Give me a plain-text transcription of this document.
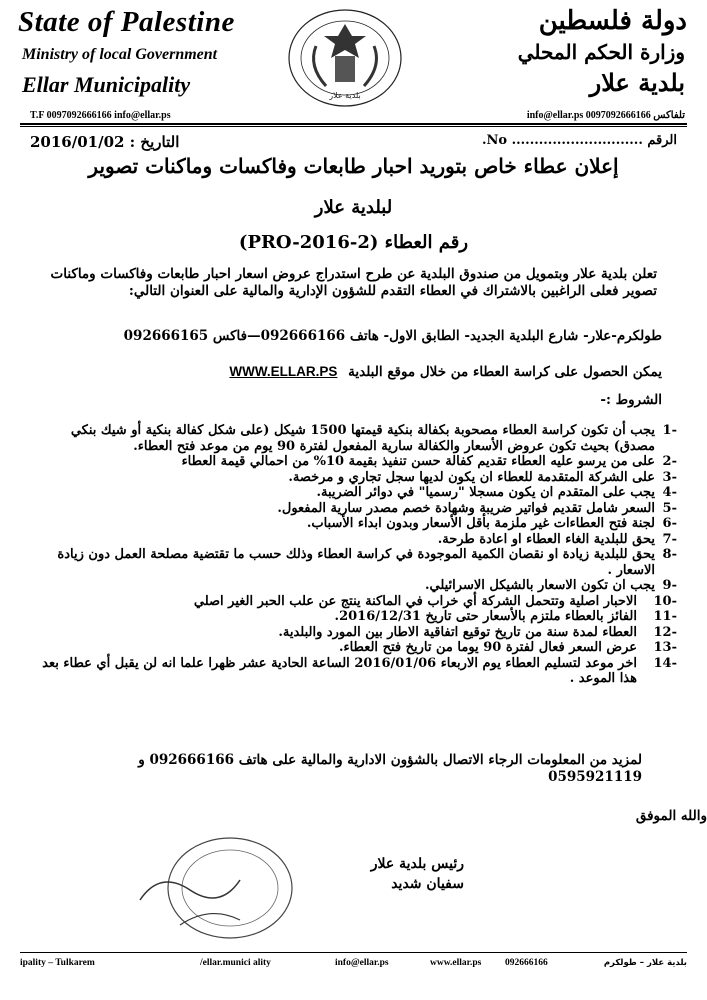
State of Palestine
Ministry of local Government
Ellar Municipality	بلدية علار
دولة فلسطين
وزارة الحكم المحلي
بلدية علار
T.F 0097092666166 info@ellar.ps	info@ellar.ps 0097092666166 تلفاكس
التاريخ : 2016/01/02	الرقم ............................. No.
إعلان عطاء خاص بتوريد احبار طابعات وفاكسات وماكنات تصوير
لبلدية علار
رقم العطاء (2-PRO-2016)
تعلن بلدية علار وبتمويل من صندوق البلدية عن طرح استدراج عروض اسعار احبار طابعات وفاكسات وماكنات تصوير فعلى الراغبين بالاشتراك في العطاء التقدم للشؤون الإدارية والمالية على العنوان التالي:
طولكرم-علار- شارع البلدية الجديد- الطابق الاول- هاتف 092666166—فاكس 092666165
يمكن الحصول على كراسة العطاء من خلال موقع البلدية WWW.ELLAR.PS
الشروط :-
-1
يجب أن تكون كراسة العطاء مصحوبة بكفالة بنكية قيمتها 1500 شيكل (على شكل كفالة بنكية أو شيك بنكي مصدق) بحيث تكون عروض الأسعار والكفالة سارية المفعول لفترة 90 يوم من موعد فتح العطاء.
-2
على من يرسو عليه العطاء تقديم كفالة حسن تنفيذ بقيمة 10% من احمالي قيمة العطاء
-3
على الشركة المتقدمة للعطاء ان يكون لديها سجل تجاري و مرخصة.
-4
يجب على المتقدم ان يكون مسجلا "رسميا" في دوائر الضريبة.
-5
السعر شامل تقديم فواتير ضريبة وشهادة خصم مصدر سارية المفعول.
-6
لجنة فتح العطاءات غير ملزمة بأقل الأسعار وبدون ابداء الأسباب.
-7
يحق للبلدية الغاء العطاء او اعادة طرحة.
-8
يحق للبلدية زيادة او نقصان الكمية الموجودة في كراسة العطاء وذلك حسب ما تقتضية مصلحة العمل دون زيادة الاسعار .
-9
يجب ان تكون الاسعار بالشيكل الاسرائيلي.
-10
الاحبار اصلية وتتحمل الشركة أي خراب في الماكنة ينتج عن علب الحبر الغير اصلي
-11
الفائز بالعطاء ملتزم بالأسعار حتى تاريخ 2016/12/31.
-12
العطاء لمدة سنة من تاريخ توقيع اتفاقية الاطار بين المورد والبلدية.
-13
عرض السعر فعال لفترة 90 يوما من تاريخ فتح العطاء.
-14
اخر موعد لتسليم العطاء يوم الاربعاء 2016/01/06 الساعة الحادية عشر ظهرا علما انه لن يقبل أي عطاء بعد هذا الموعد .
لمزيد من المعلومات الرجاء الاتصال بالشؤون الادارية والمالية على هاتف 092666166 و 0595921119
والله الموفق
رئيس بلدية علار
سفيان شديد
ipality – Tulkarem	/ellar.munici ality	info@ellar.ps	www.ellar.ps 092666166	بلدية علار – طولكرم
